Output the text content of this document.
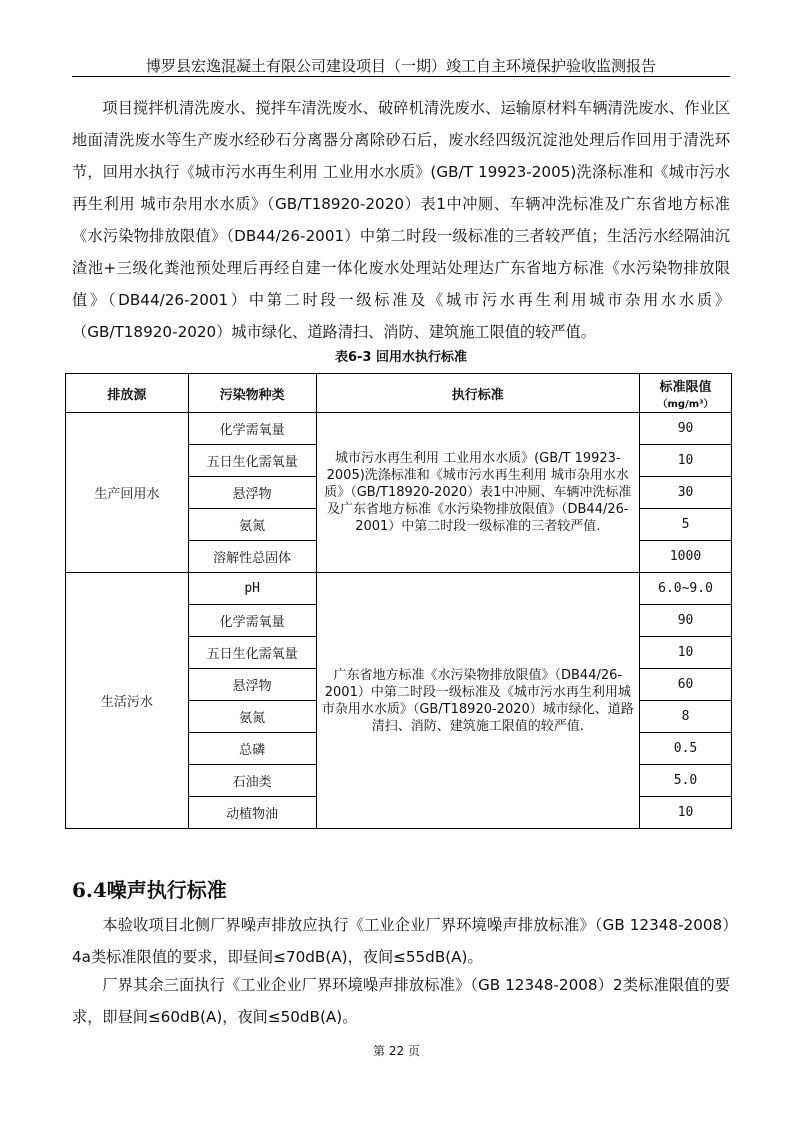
博罗县宏逸混凝土有限公司建设项目（一期）竣工自主环境保护验收监测报告
项目搅拌机清洗废水、搅拌车清洗废水、破碎机清洗废水、运输原材料车辆清洗废水、作业区地面清洗废水等生产废水经砂石分离器分离除砂石后，废水经四级沉淀池处理后作回用于清洗环节，回用水执行《城市污水再生利用 工业用水水质》(GB/T 19923-2005)洗涤标准和《城市污水再生利用 城市杂用水水质》（GB/T18920-2020）表1中冲厕、车辆冲洗标准及广东省地方标准《水污染物排放限值》（DB44/26-2001）中第二时段一级标准的三者较严值；生活污水经隔油沉渣池+三级化粪池预处理后再经自建一体化废水处理站处理达广东省地方标准《水污染物排放限值》（DB44/26-2001）中第二时段一级标准及《城市污水再生利用城市杂用水水质》（GB/T18920-2020）城市绿化、道路清扫、消防、建筑施工限值的较严值。
表6-3 回用水执行标准
排放源	污染物种类	执行标准	标准限值
（mg/m³）

生产回用水	化学需氧量	城市污水再生利用 工业用水水质》(GB/T 19923-2005)洗涤标准和《城市污水再生利用 城市杂用水水质》（GB/T18920-2020）表1中冲厕、车辆冲洗标准及广东省地方标准《水污染物排放限值》（DB44/26-2001）中第二时段一级标准的三者较严值.	90
	五日生化需氧量		10
	悬浮物		30
	氨氮		5
	溶解性总固体		1000
生活污水	pH	广东省地方标准《水污染物排放限值》（DB44/26-2001）中第二时段一级标准及《城市污水再生利用城市杂用水水质》（GB/T18920-2020）城市绿化、道路清扫、消防、建筑施工限值的较严值.	6.0~9.0
	化学需氧量		90
	五日生化需氧量		10
	悬浮物		60
	氨氮		8
	总磷		0.5
	石油类		5.0
	动植物油		10
6.4噪声执行标准
本验收项目北侧厂界噪声排放应执行《工业企业厂界环境噪声排放标准》（GB 12348-2008）4a类标准限值的要求，即昼间≤70dB(A)，夜间≤55dB(A)。
厂界其余三面执行《工业企业厂界环境噪声排放标准》（GB 12348-2008）2类标准限值的要求，即昼间≤60dB(A)，夜间≤50dB(A)。
第 22 页
